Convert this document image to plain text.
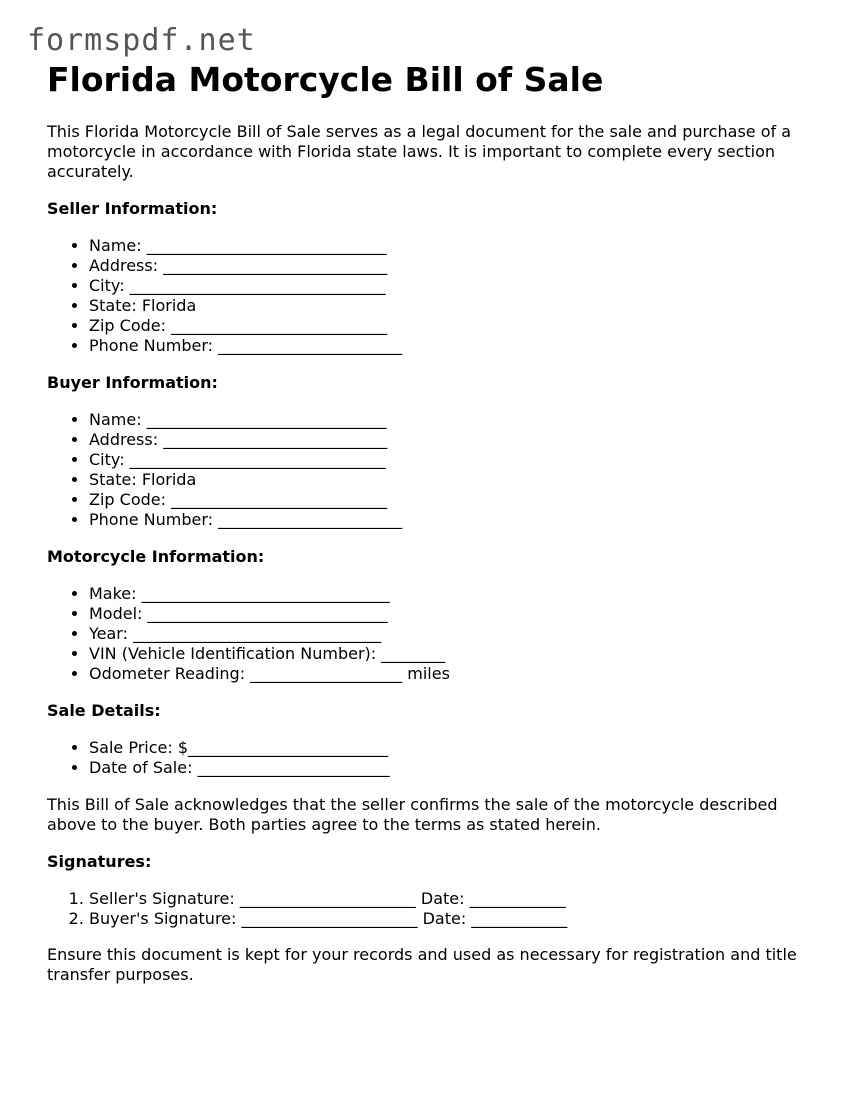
formspdf.net
Florida Motorcycle Bill of Sale

This Florida Motorcycle Bill of Sale serves as a legal document for the sale and purchase of a motorcycle in accordance with Florida state laws. It is important to complete every section accurately.

Seller Information:
• Name: ______________________________
• Address: ____________________________
• City: ________________________________
• State: Florida
• Zip Code: ___________________________
• Phone Number: _______________________
Buyer Information:
• Name: ______________________________
• Address: ____________________________
• City: ________________________________
• State: Florida
• Zip Code: ___________________________
• Phone Number: _______________________
Motorcycle Information:
• Make: _______________________________
• Model: ______________________________
• Year: _______________________________
• VIN (Vehicle Identification Number): ________
• Odometer Reading: ___________________ miles
Sale Details:
• Sale Price: $_________________________
• Date of Sale: ________________________

This Bill of Sale acknowledges that the seller confirms the sale of the motorcycle described above to the buyer. Both parties agree to the terms as stated herein.

Signatures:
1. Seller's Signature: ______________________ Date: ____________
2. Buyer's Signature: ______________________ Date: ____________

Ensure this document is kept for your records and used as necessary for registration and title transfer purposes.
